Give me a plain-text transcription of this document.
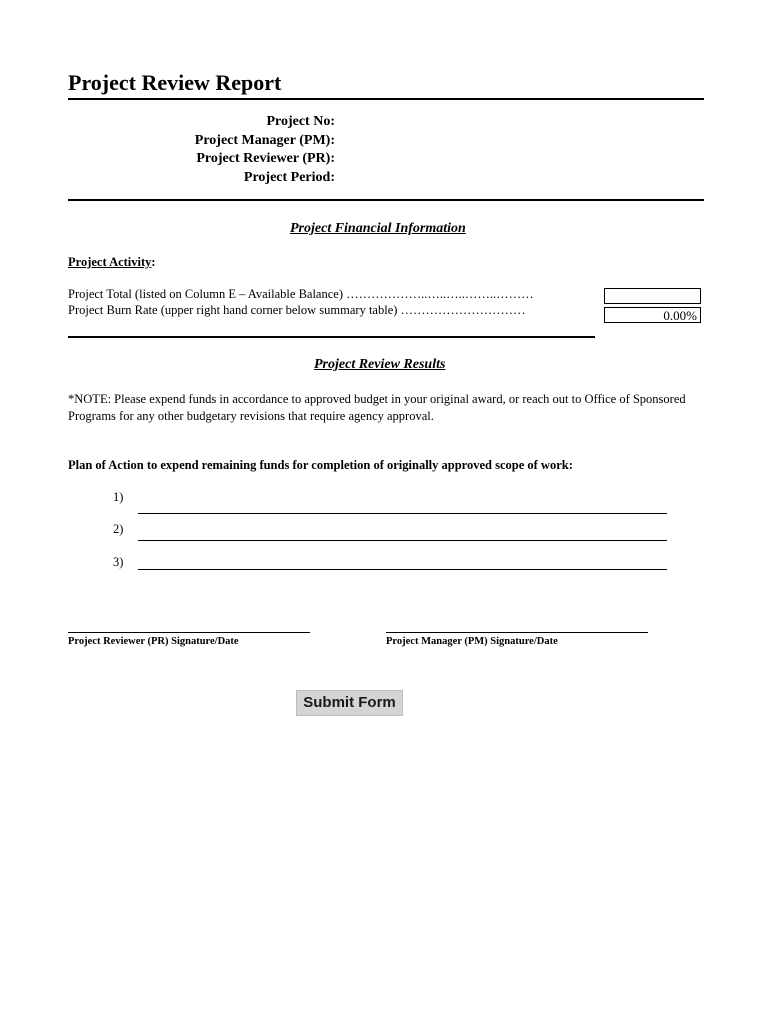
Project Review Report
Project No:
Project Manager (PM):
Project Reviewer (PR):
Project Period:
Project Financial Information
Project Activity:
Project Total (listed on Column E – Available Balance) ………………..…..…..……..………
Project Burn Rate (upper right hand corner below summary table) …………………………	0.00%
Project Review Results
*NOTE: Please expend funds in accordance to approved budget in your original award, or reach out to Office of Sponsored Programs for any other budgetary revisions that require agency approval.
Plan of Action to expend remaining funds for completion of originally approved scope of work:
1)
2)
3)
Project Reviewer (PR) Signature/Date	Project Manager (PM) Signature/Date
Submit Form
